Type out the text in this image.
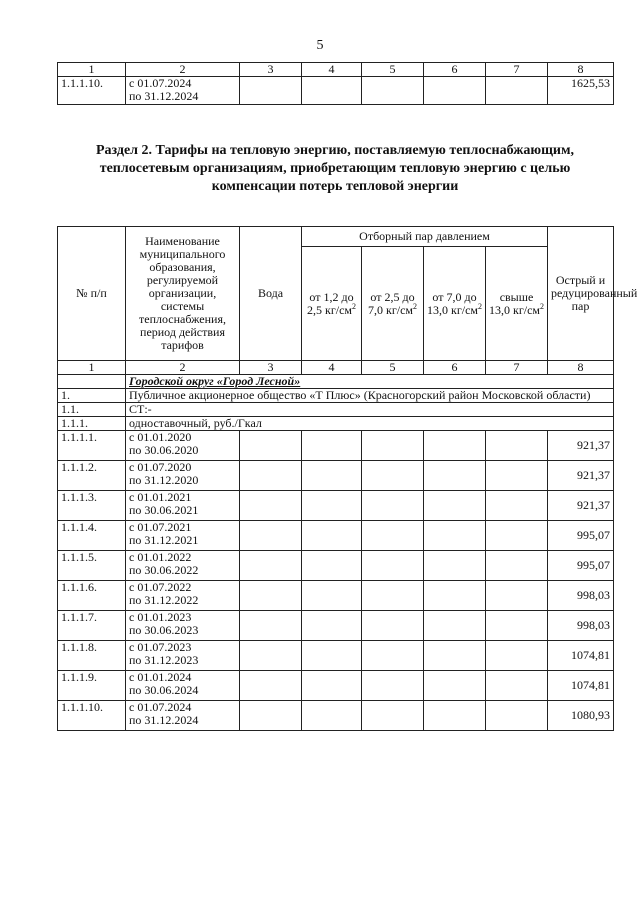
5
1	2	3	4	5	6	7	8
1.1.1.10.	с 01.07.2024
по 31.12.2024						1625,53
Раздел 2. Тарифы на тепловую энергию, поставляемую теплоснабжающим, теплосетевым организациям, приобретающим тепловую энергию с целью компенсации потерь тепловой энергии
№ п/п	Наименование муниципального образования, регулируемой организации, системы теплоснабжения, период действия тарифов	Вода	Отборный пар давлением				Острый и редуцированный пар
			от 1,2 до 2,5 $кг/см^2$	от 2,5 до 7,0 $кг/см^2$	от 7,0 до 13,0 $кг/см^2$	свыше 13,0 $кг/см^2$
1	2	3	4	5	6	7	8
	Городской округ «Город Лесной»						
1.	Публичное акционерное общество «Т Плюс» (Красногорский район Московской области)						
1.1.	СТ:-						
1.1.1.	одноставочный, руб./Гкал						
1.1.1.1.	с 01.01.2020
по 30.06.2020						921,37
1.1.1.2.	с 01.07.2020
по 31.12.2020						921,37
1.1.1.3.	с 01.01.2021
по 30.06.2021						921,37
1.1.1.4.	с 01.07.2021
по 31.12.2021						995,07
1.1.1.5.	с 01.01.2022
по 30.06.2022						995,07
1.1.1.6.	с 01.07.2022
по 31.12.2022						998,03
1.1.1.7.	с 01.01.2023
по 30.06.2023						998,03
1.1.1.8.	с 01.07.2023
по 31.12.2023						1074,81
1.1.1.9.	с 01.01.2024
по 30.06.2024						1074,81
1.1.1.10.	с 01.07.2024
по 31.12.2024						1080,93
